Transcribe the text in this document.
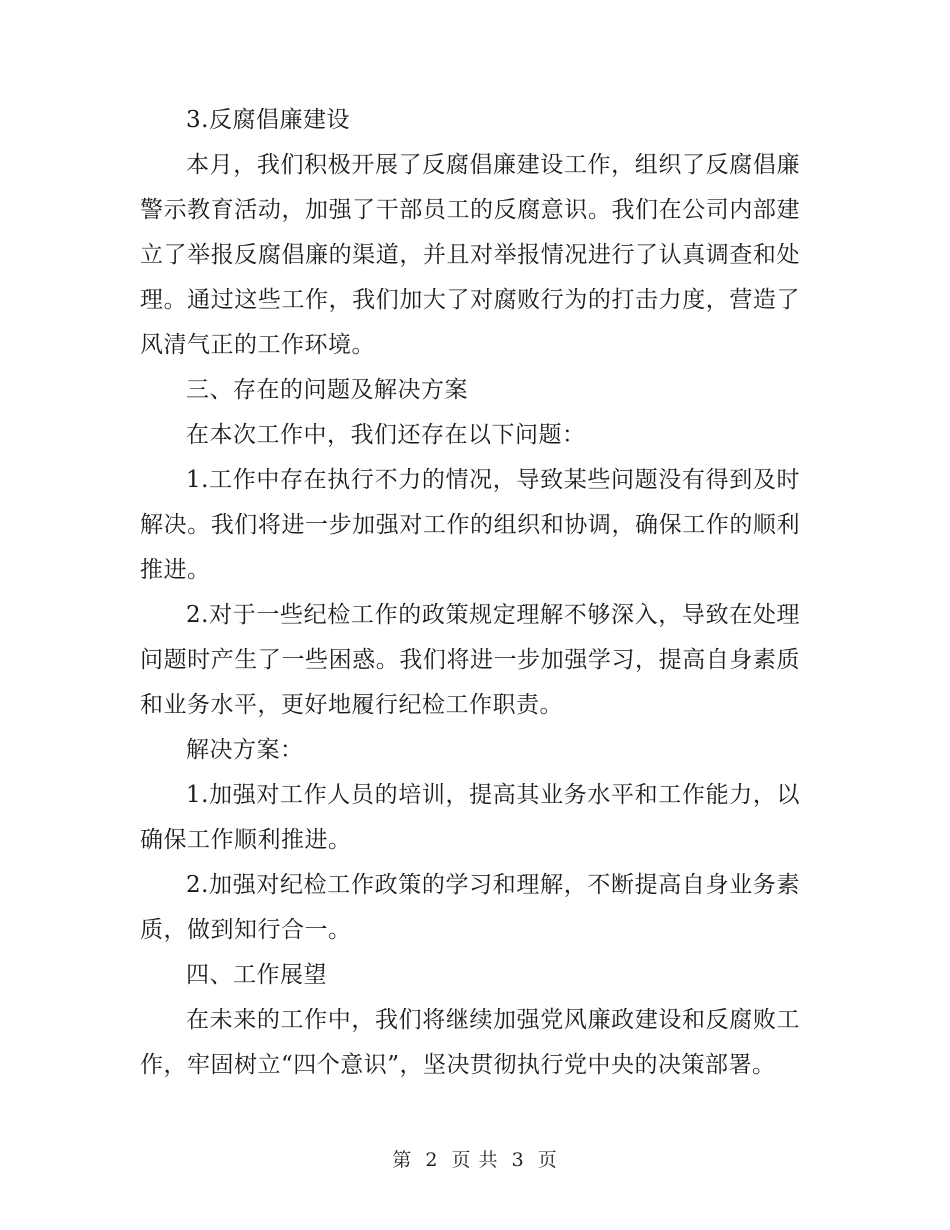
3.反腐倡廉建设

本月，我们积极开展了反腐倡廉建设工作，组织了反腐倡廉警示教育活动，加强了干部员工的反腐意识。我们在公司内部建立了举报反腐倡廉的渠道，并且对举报情况进行了认真调查和处理。通过这些工作，我们加大了对腐败行为的打击力度，营造了风清气正的工作环境。

三、存在的问题及解决方案

在本次工作中，我们还存在以下问题：

1.工作中存在执行不力的情况，导致某些问题没有得到及时解决。我们将进一步加强对工作的组织和协调，确保工作的顺利推进。

2.对于一些纪检工作的政策规定理解不够深入，导致在处理问题时产生了一些困惑。我们将进一步加强学习，提高自身素质和业务水平，更好地履行纪检工作职责。

解决方案：

1.加强对工作人员的培训，提高其业务水平和工作能力，以确保工作顺利推进。

2.加强对纪检工作政策的学习和理解，不断提高自身业务素质，做到知行合一。

四、工作展望

在未来的工作中，我们将继续加强党风廉政建设和反腐败工作，牢固树立“四个意识”，坚决贯彻执行党中央的决策部署。

第 2 页 共 3 页
